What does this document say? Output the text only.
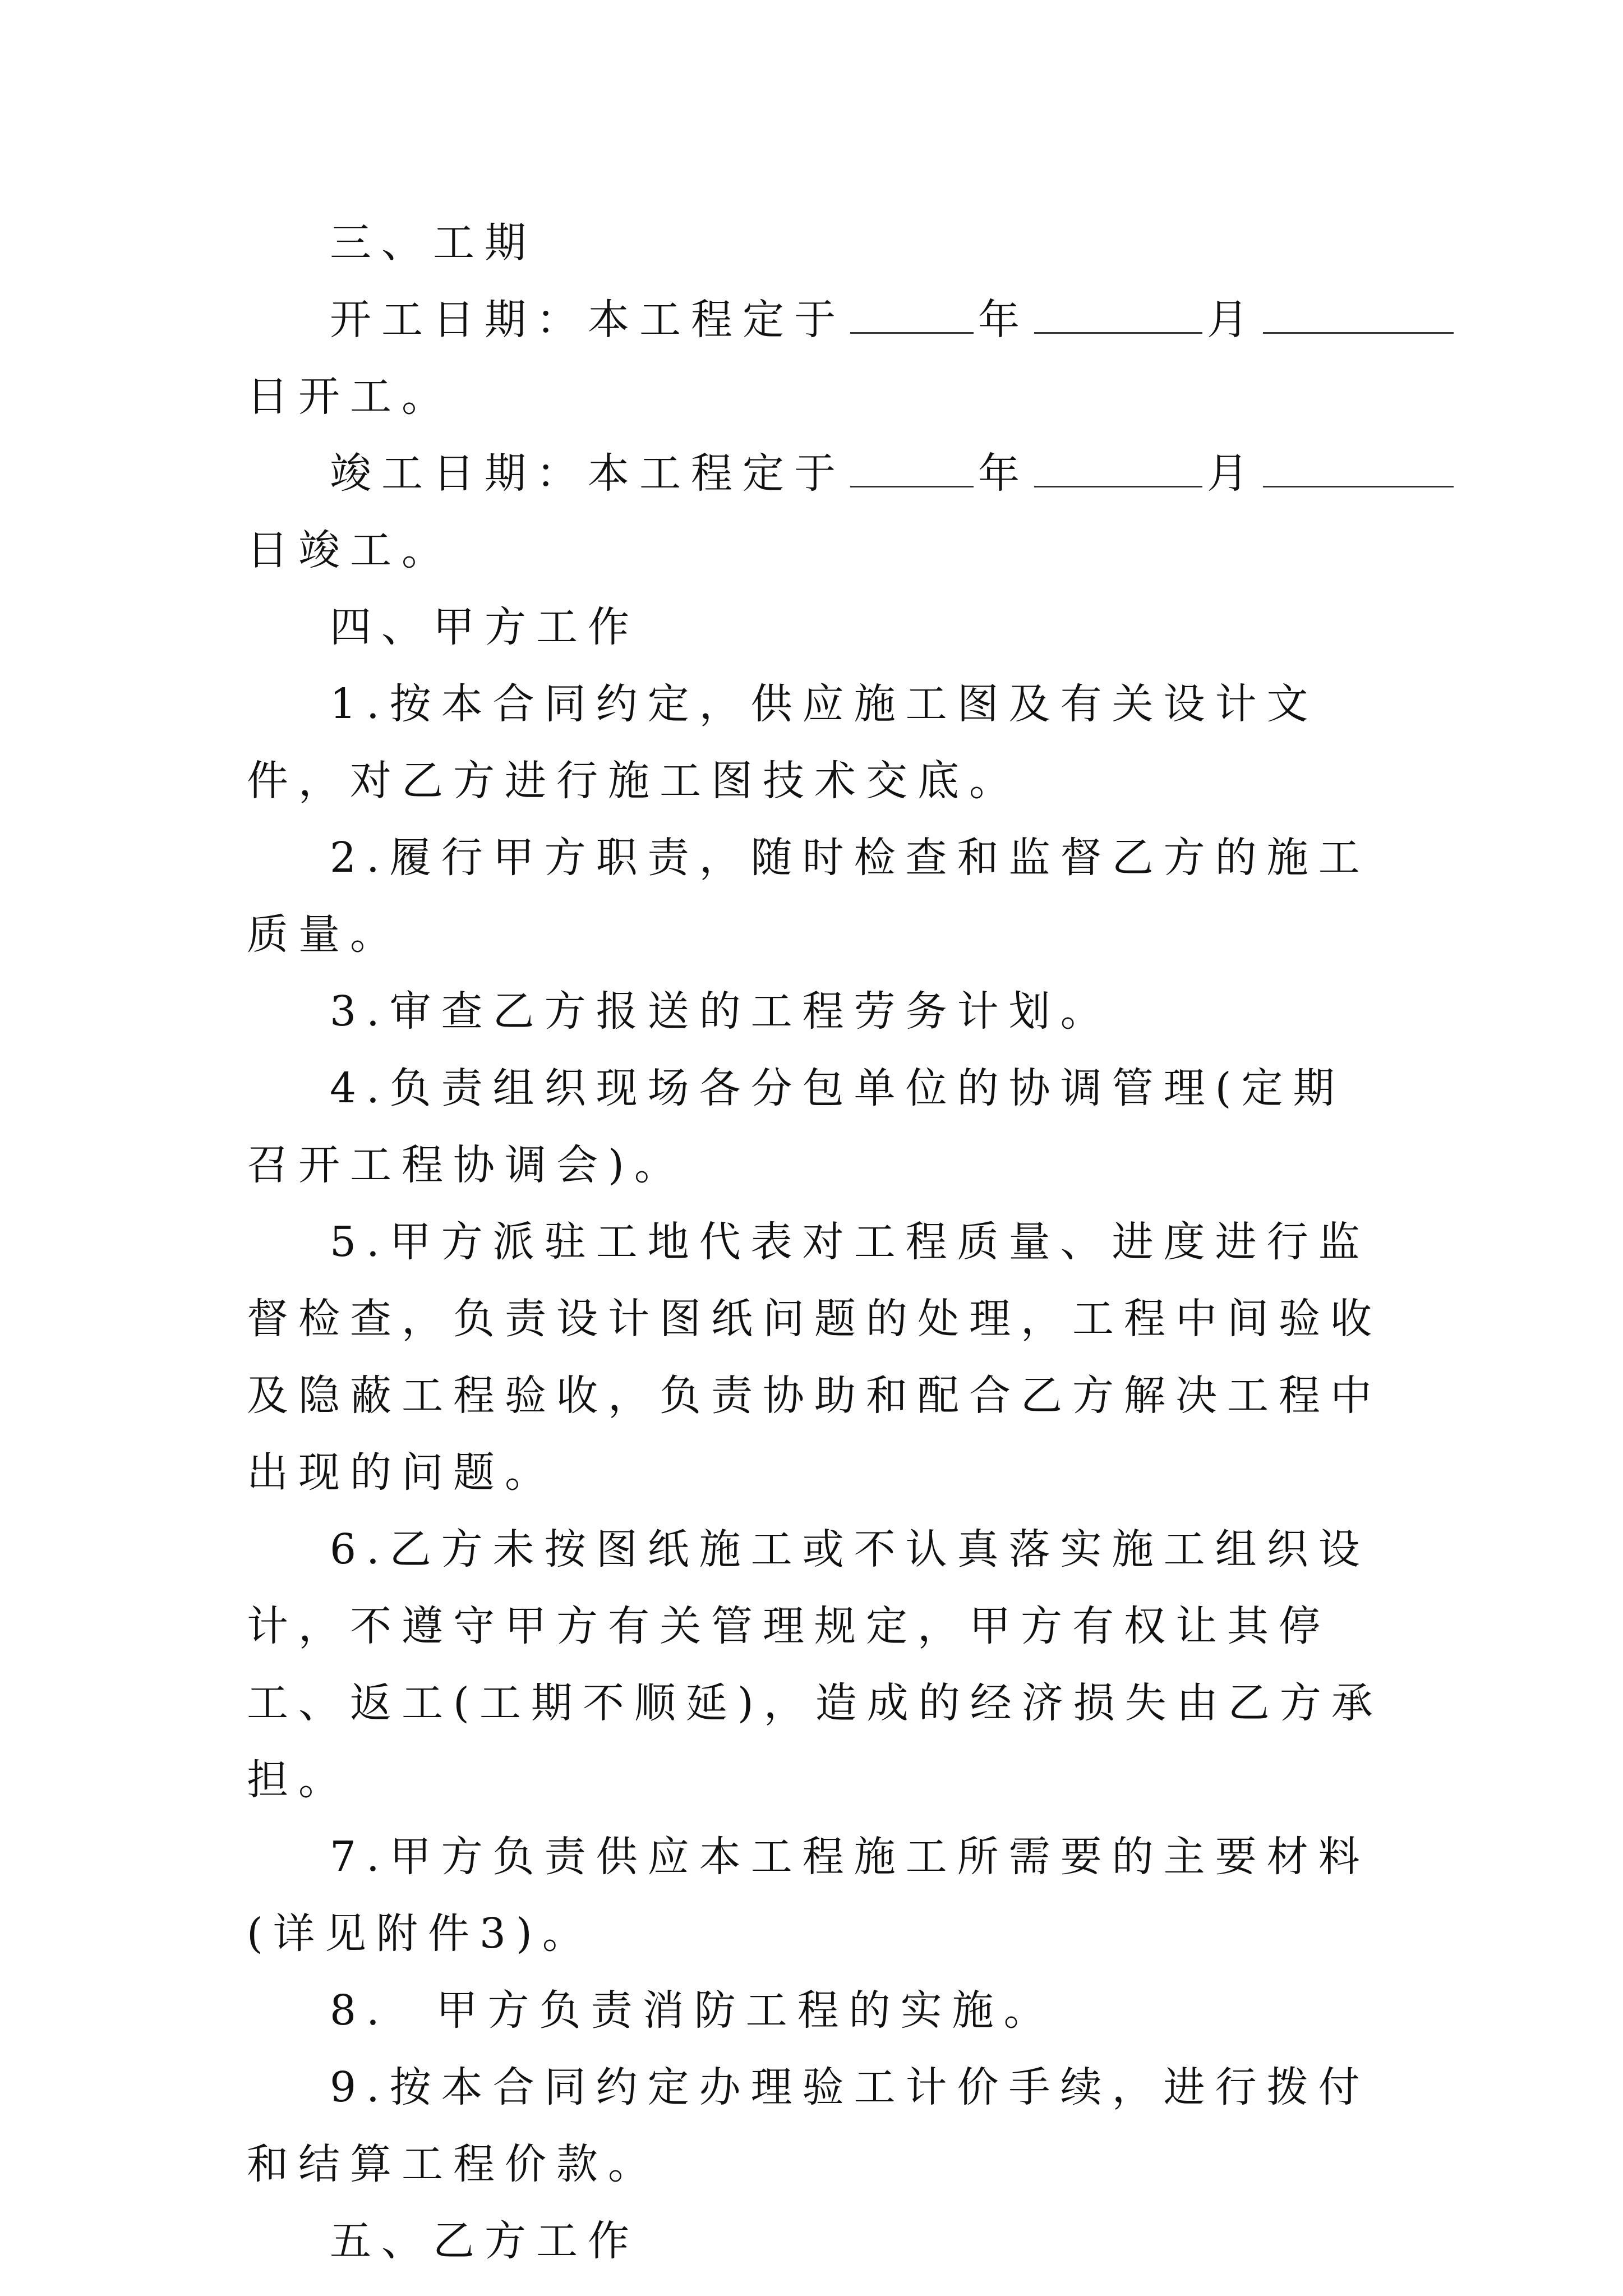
三、工期

开工日期：本工程定于	年	月

日开工。

竣工日期：本工程定于	年	月

日竣工。

四、甲方工作

1.按本合同约定，供应施工图及有关设计文件，对乙方进行施工图技术交底。

2.履行甲方职责，随时检查和监督乙方的施工质量。

3.审查乙方报送的工程劳务计划。

4.负责组织现场各分包单位的协调管理(定期召开工程协调会)。

5.甲方派驻工地代表对工程质量、进度进行监督检查，负责设计图纸问题的处理，工程中间验收及隐蔽工程验收，负责协助和配合乙方解决工程中出现的问题。

6.乙方未按图纸施工或不认真落实施工组织设计，不遵守甲方有关管理规定，甲方有权让其停工、返工(工期不顺延)，造成的经济损失由乙方承担。

7.甲方负责供应本工程施工所需要的主要材料(详见附件3)。

8.  甲方负责消防工程的实施。

9.按本合同约定办理验工计价手续，进行拨付和结算工程价款。

五、乙方工作
